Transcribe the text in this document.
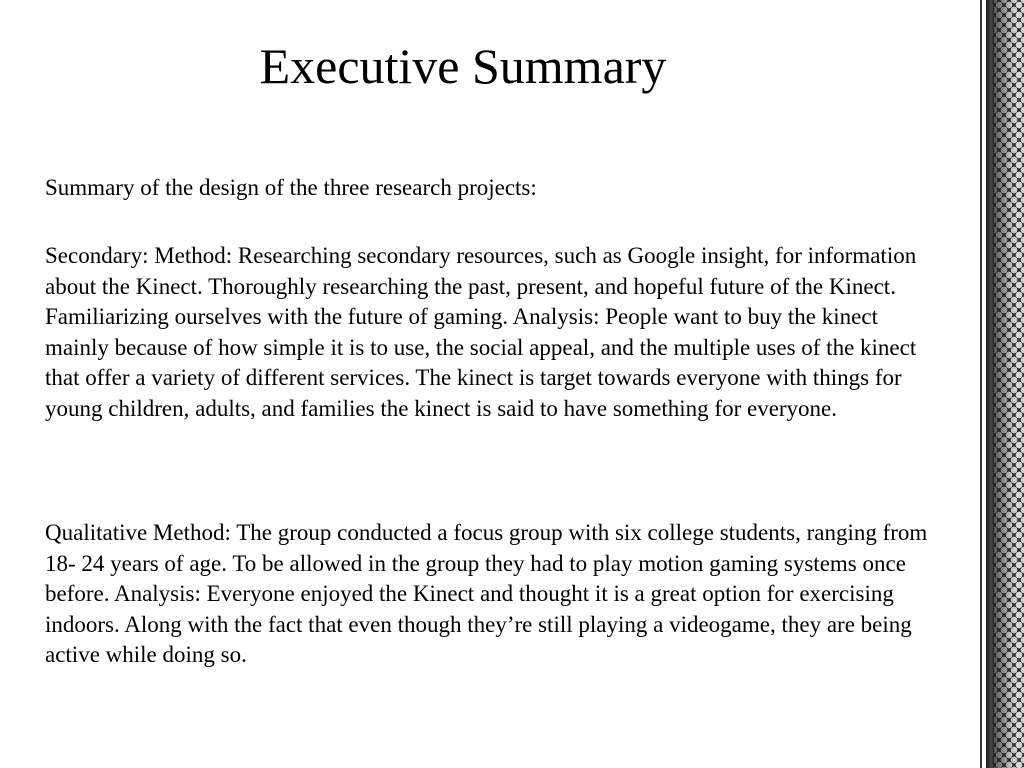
Executive Summary

Summary of the design of the three research projects:

Secondary: Method: Researching secondary resources, such as Google insight, for information about the Kinect. Thoroughly researching the past, present, and hopeful future of the Kinect. Familiarizing ourselves with the future of gaming. Analysis: People want to buy the kinect mainly because of how simple it is to use, the social appeal, and the multiple uses of the kinect that offer a variety of different services. The kinect is target towards everyone with things for young children, adults, and families the kinect is said to have something for everyone.

Qualitative Method: The group conducted a focus group with six college students, ranging from 18- 24 years of age. To be allowed in the group they had to play motion gaming systems once before. Analysis: Everyone enjoyed the Kinect and thought it is a great option for exercising indoors. Along with the fact that even though they’re still playing a videogame, they are being active while doing so.
